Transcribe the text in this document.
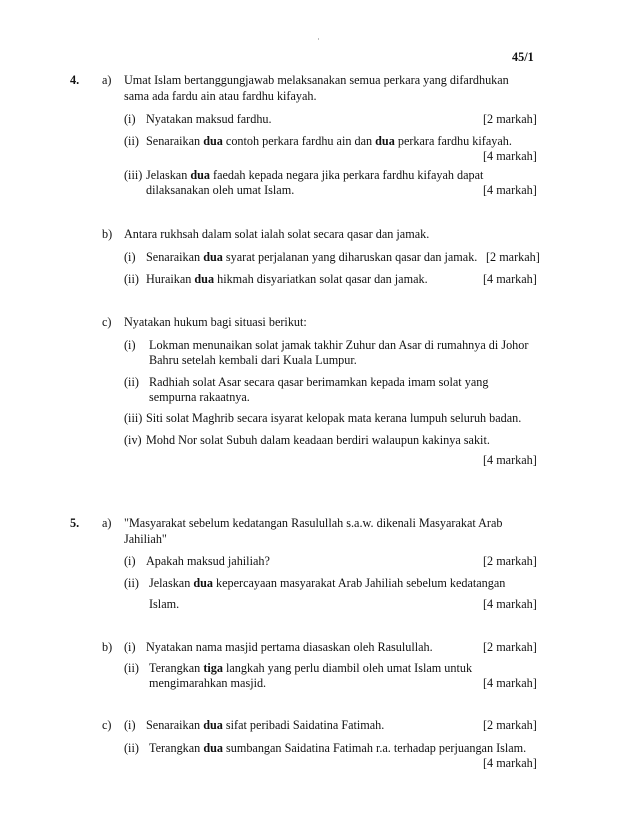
45/1
4. a) Umat Islam bertanggungjawab melaksanakan semua perkara yang difardhukan
sama ada fardu ain atau fardhu kifayah.
(i) Nyatakan maksud fardhu.	[2 markah]
(ii) Senaraikan dua contoh perkara fardhu ain dan dua perkara fardhu kifayah.
[4 markah]
(iii) Jelaskan dua faedah kepada negara jika perkara fardhu kifayah dapat
dilaksanakan oleh umat Islam.	[4 markah]
b) Antara rukhsah dalam solat ialah solat secara qasar dan jamak.
(i) Senaraikan dua syarat perjalanan yang diharuskan qasar dan jamak. [2 markah]
(ii) Huraikan dua hikmah disyariatkan solat qasar dan jamak.	[4 markah]
c) Nyatakan hukum bagi situasi berikut:
(i) Lokman menunaikan solat jamak takhir Zuhur dan Asar di rumahnya di Johor
Bahru setelah kembali dari Kuala Lumpur.
(ii) Radhiah solat Asar secara qasar berimamkan kepada imam solat yang
sempurna rakaatnya.
(iii) Siti solat Maghrib secara isyarat kelopak mata kerana lumpuh seluruh badan.
(iv) Mohd Nor solat Subuh dalam keadaan berdiri walaupun kakinya sakit.
[4 markah]
5. a) "Masyarakat sebelum kedatangan Rasulullah s.a.w. dikenali Masyarakat Arab
Jahiliah"
(i) Apakah maksud jahiliah?	[2 markah]
(ii) Jelaskan dua kepercayaan masyarakat Arab Jahiliah sebelum kedatangan
Islam.	[4 markah]
b) (i) Nyatakan nama masjid pertama diasaskan oleh Rasulullah.	[2 markah]
(ii) Terangkan tiga langkah yang perlu diambil oleh umat Islam untuk
mengimarahkan masjid.	[4 markah]
c) (i) Senaraikan dua sifat peribadi Saidatina Fatimah.	[2 markah]
(ii) Terangkan dua sumbangan Saidatina Fatimah r.a. terhadap perjuangan Islam.
[4 markah]
